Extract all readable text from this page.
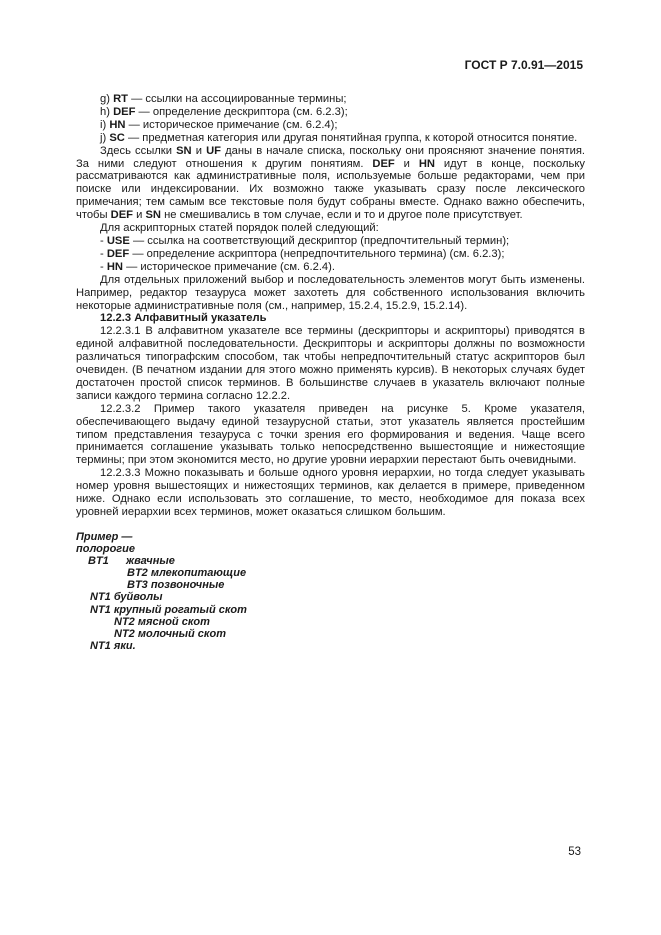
ГОСТ Р 7.0.91—2015

g) RT — ссылки на ассоциированные термины;

h) DEF — определение дескриптора (см. 6.2.3);

i) HN — историческое примечание (см. 6.2.4);

j) SC — предметная категория или другая понятийная группа, к которой относится понятие.

Здесь ссылки SN и UF даны в начале списка, поскольку они проясняют значение понятия. За ними следуют отношения к другим понятиям. DEF и HN идут в конце, поскольку рассматриваются как административные поля, используемые больше редакторами, чем при поиске или индексировании. Их возможно также указывать сразу после лексического примечания; тем самым все текстовые поля будут собраны вместе. Однако важно обеспечить, чтобы DEF и SN не смешивались в том случае, если и то и другое поле присутствует.

Для аскрипторных статей порядок полей следующий:

- USE — ссылка на соответствующий дескриптор (предпочтительный термин);

- DEF — определение аскриптора (непредпочтительного термина) (см. 6.2.3);

- HN — историческое примечание (см. 6.2.4).

Для отдельных приложений выбор и последовательность элементов могут быть изменены. Например, редактор тезауруса может захотеть для собственного использования включить некоторые административные поля (см., например, 15.2.4, 15.2.9, 15.2.14).

12.2.3 Алфавитный указатель

12.2.3.1 В алфавитном указателе все термины (дескрипторы и аскрипторы) приводятся в единой алфавитной последовательности. Дескрипторы и аскрипторы должны по возможности различаться типографским способом, так чтобы непредпочтительный статус аскрипторов был очевиден. (В печатном издании для этого можно применять курсив). В некоторых случаях будет достаточен простой список терминов. В большинстве случаев в указатель включают полные записи каждого термина согласно 12.2.2.

12.2.3.2 Пример такого указателя приведен на рисунке 5. Кроме указателя, обеспечивающего выдачу единой тезаурусной статьи, этот указатель является простейшим типом представления тезауруса с точки зрения его формирования и ведения. Чаще всего принимается соглашение указывать только непосредственно вышестоящие и нижестоящие термины; при этом экономится место, но другие уровни иерархии перестают быть очевидными.

12.2.3.3 Можно показывать и больше одного уровня иерархии, но тогда следует указывать номер уровня вышестоящих и нижестоящих терминов, как делается в примере, приведенном ниже. Однако если использовать это соглашение, то место, необходимое для показа всех уровней иерархии всех терминов, может оказаться слишком большим.

Пример —
полорогие
BT1 жвачные
BT2 млекопитающие
BT3 позвоночные
NT1 буйволы
NT1 крупный рогатый скот
NT2 мясной скот
NT2 молочный скот
NT1 яки.
53
